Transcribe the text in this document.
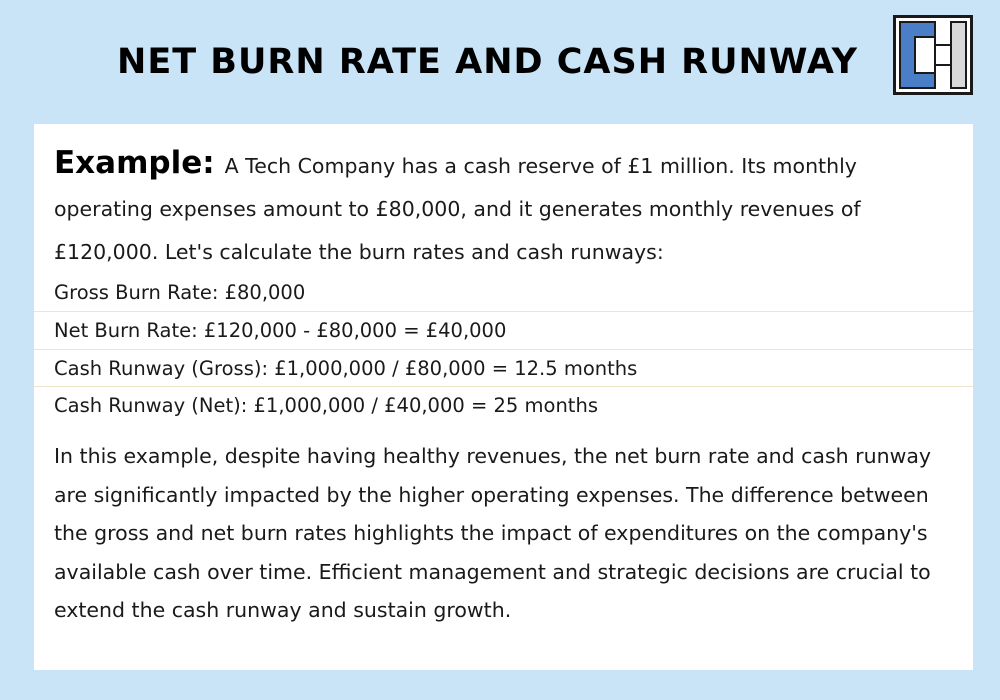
NET BURN RATE AND CASH RUNWAY

Example: A Tech Company has a cash reserve of £1 million. Its monthly operating expenses amount to £80,000, and it generates monthly revenues of £120,000. Let's calculate the burn rates and cash runways:

Gross Burn Rate: £80,000
Net Burn Rate: £120,000 - £80,000 = £40,000
Cash Runway (Gross): £1,000,000 / £80,000 = 12.5 months
Cash Runway (Net): £1,000,000 / £40,000 = 25 months

In this example, despite having healthy revenues, the net burn rate and cash runway are significantly impacted by the higher operating expenses. The difference between the gross and net burn rates highlights the impact of expenditures on the company's available cash over time. Efficient management and strategic decisions are crucial to extend the cash runway and sustain growth.
